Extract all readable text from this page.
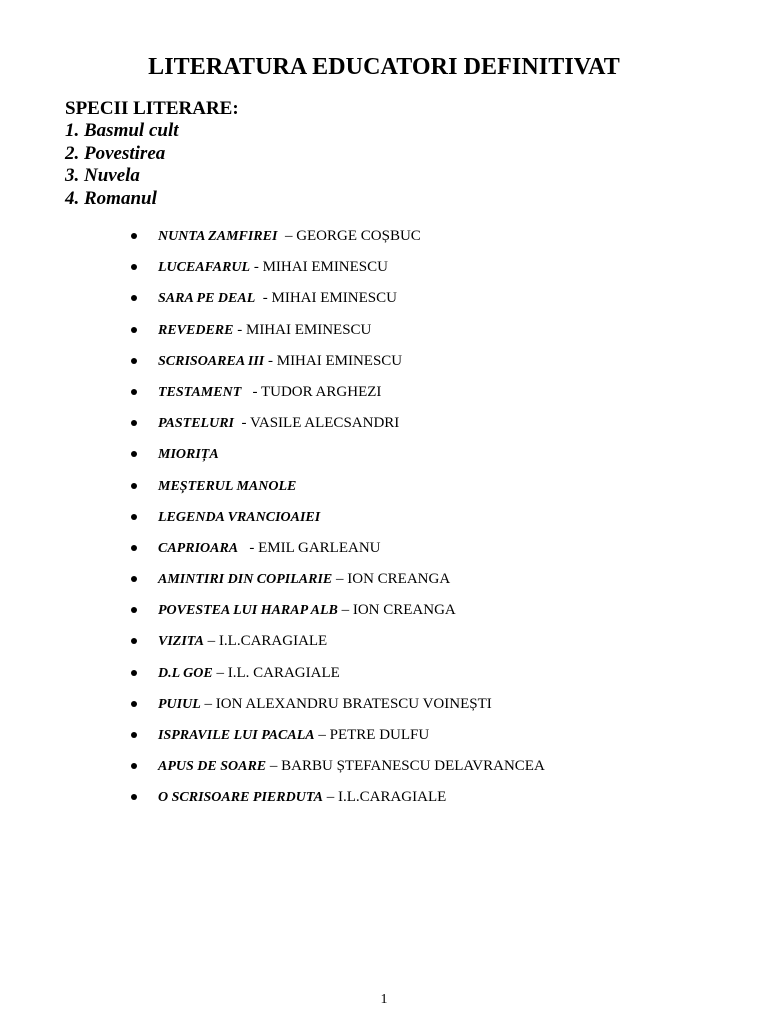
LITERATURA EDUCATORI DEFINITIVAT
SPECII LITERARE:
1. Basmul cult
2. Povestirea
3. Nuvela
4. Romanul
NUNTA ZAMFIREI  – GEORGE COȘBUC
LUCEAFARUL - MIHAI EMINESCU
SARA PE DEAL  - MIHAI EMINESCU
REVEDERE - MIHAI EMINESCU
SCRISOAREA III - MIHAI EMINESCU
TESTAMENT   - TUDOR ARGHEZI
PASTELURI  - VASILE ALECSANDRI
MIORIȚA
MEȘTERUL MANOLE
LEGENDA VRANCIOAIEI
CAPRIOARA   - EMIL GARLEANU
AMINTIRI DIN COPILARIE – ION CREANGA
POVESTEA LUI HARAP ALB – ION CREANGA
VIZITA – I.L.CARAGIALE
D.L GOE – I.L. CARAGIALE
PUIUL – ION ALEXANDRU BRATESCU VOINEȘTI
ISPRAVILE LUI PACALA – PETRE DULFU
APUS DE SOARE – BARBU ȘTEFANESCU DELAVRANCEA
O SCRISOARE PIERDUTA – I.L.CARAGIALE
1
